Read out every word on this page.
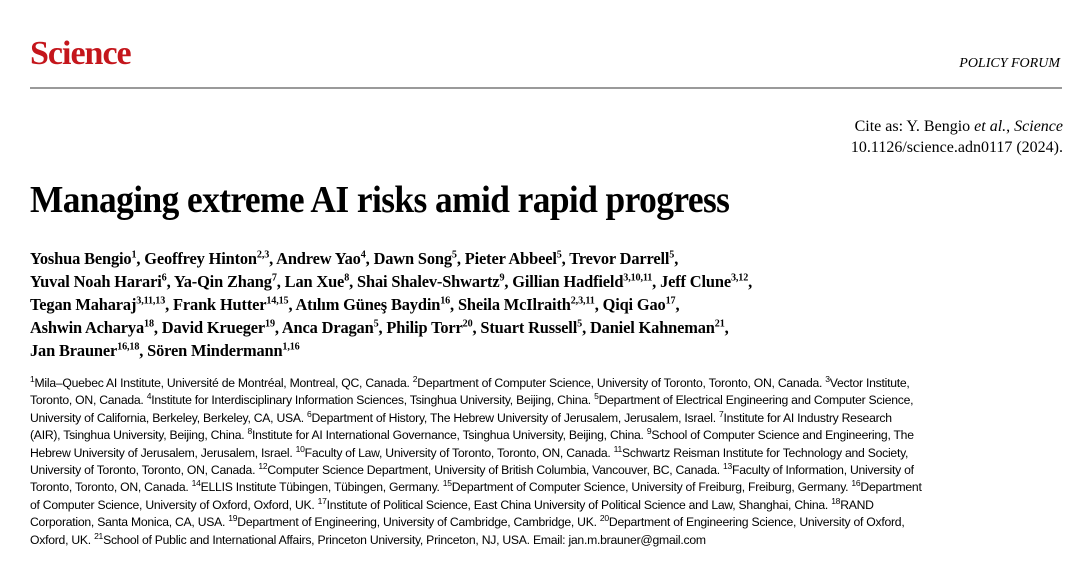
Science	POLICY FORUM
Cite as: Y. Bengio et al., Science
10.1126/science.adn0117 (2024).
Managing extreme AI risks amid rapid progress
Yoshua Bengio$^1$, Geoffrey Hinton$^{2,3}$, Andrew Yao$^4$, Dawn Song$^5$, Pieter Abbeel$^5$, Trevor Darrell$^5$,
Yuval Noah Harari$^6$, Ya-Qin Zhang$^7$, Lan Xue$^8$, Shai Shalev-Shwartz$^9$, Gillian Hadfield$^{3,10,11}$, Jeff Clune$^{3,12}$,
Tegan Maharaj$^{3,11,13}$, Frank Hutter$^{14,15}$, Atılım Güneş Baydin$^{16}$, Sheila McIlraith$^{2,3,11}$, Qiqi Gao$^{17}$,
Ashwin Acharya$^{18}$, David Krueger$^{19}$, Anca Dragan$^5$, Philip Torr$^{20}$, Stuart Russell$^5$, Daniel Kahneman$^{21}$,
Jan Brauner$^{16,18}$, Sören Mindermann$^{1,16}$
$^1$Mila–Quebec AI Institute, Université de Montréal, Montreal, QC, Canada. $^2$Department of Computer Science, University of Toronto, Toronto, ON, Canada. $^3$Vector Institute,
Toronto, ON, Canada. $^4$Institute for Interdisciplinary Information Sciences, Tsinghua University, Beijing, China. $^5$Department of Electrical Engineering and Computer Science,
University of California, Berkeley, Berkeley, CA, USA. $^6$Department of History, The Hebrew University of Jerusalem, Jerusalem, Israel. $^7$Institute for AI Industry Research
(AIR), Tsinghua University, Beijing, China. $^8$Institute for AI International Governance, Tsinghua University, Beijing, China. $^9$School of Computer Science and Engineering, The
Hebrew University of Jerusalem, Jerusalem, Israel. $^{10}$Faculty of Law, University of Toronto, Toronto, ON, Canada. $^{11}$Schwartz Reisman Institute for Technology and Society,
University of Toronto, Toronto, ON, Canada. $^{12}$Computer Science Department, University of British Columbia, Vancouver, BC, Canada. $^{13}$Faculty of Information, University of
Toronto, Toronto, ON, Canada. $^{14}$ELLIS Institute Tübingen, Tübingen, Germany. $^{15}$Department of Computer Science, University of Freiburg, Freiburg, Germany. $^{16}$Department
of Computer Science, University of Oxford, Oxford, UK. $^{17}$Institute of Political Science, East China University of Political Science and Law, Shanghai, China. $^{18}$RAND
Corporation, Santa Monica, CA, USA. $^{19}$Department of Engineering, University of Cambridge, Cambridge, UK. $^{20}$Department of Engineering Science, University of Oxford,
Oxford, UK. $^{21}$School of Public and International Affairs, Princeton University, Princeton, NJ, USA. Email: jan.m.brauner@gmail.com
